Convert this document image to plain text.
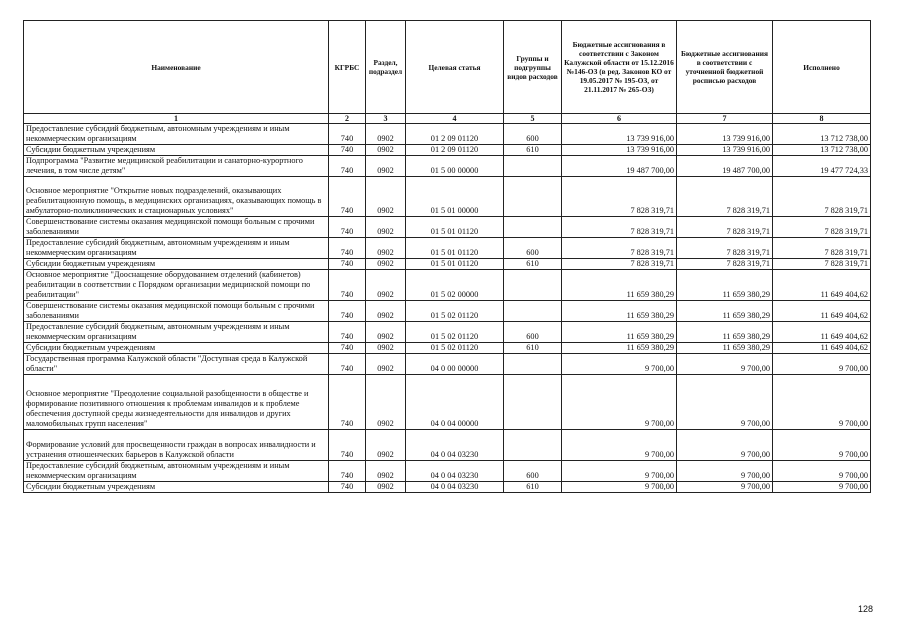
Наименование	КГРБС	Раздел, подраздел	Целевая статья	Группы и подгруппы видов расходов	Бюджетные ассигнования в соответствии с Законом Калужской области от 15.12.2016 №146-ОЗ (в ред. Законов КО от 19.05.2017 № 195-ОЗ, от 21.11.2017 № 265-ОЗ)	Бюджетные ассигнования в соответствии с уточненной бюджетной росписью расходов	Исполнено
1	2	3	4	5	6	7	8
Предоставление субсидий бюджетным, автономным учреждениям и иным некоммерческим организациям	740	0902	01 2 09 01120	600	13 739 916,00	13 739 916,00	13 712 738,00
Субсидии бюджетным учреждениям	740	0902	01 2 09 01120	610	13 739 916,00	13 739 916,00	13 712 738,00
Подпрограмма "Развитие медицинской реабилитации и санаторно-курортного лечения, в том числе детям"	740	0902	01 5 00 00000		19 487 700,00	19 487 700,00	19 477 724,33
Основное мероприятие "Открытие новых подразделений, оказывающих реабилитационную помощь, в медицинских организациях, оказывающих помощь в амбулаторно-поликлинических и стационарных условиях"	740	0902	01 5 01 00000		7 828 319,71	7 828 319,71	7 828 319,71
Совершенствование системы оказания медицинской помощи больным с прочими заболеваниями	740	0902	01 5 01 01120		7 828 319,71	7 828 319,71	7 828 319,71
Предоставление субсидий бюджетным, автономным учреждениям и иным некоммерческим организациям	740	0902	01 5 01 01120	600	7 828 319,71	7 828 319,71	7 828 319,71
Субсидии бюджетным учреждениям	740	0902	01 5 01 01120	610	7 828 319,71	7 828 319,71	7 828 319,71
Основное мероприятие "Дооснащение оборудованием отделений (кабинетов) реабилитации в соответствии с Порядком организации медицинской помощи по реабилитации"	740	0902	01 5 02 00000		11 659 380,29	11 659 380,29	11 649 404,62
Совершенствование системы оказания медицинской помощи больным с прочими заболеваниями	740	0902	01 5 02 01120		11 659 380,29	11 659 380,29	11 649 404,62
Предоставление субсидий бюджетным, автономным учреждениям и иным некоммерческим организациям	740	0902	01 5 02 01120	600	11 659 380,29	11 659 380,29	11 649 404,62
Субсидии бюджетным учреждениям	740	0902	01 5 02 01120	610	11 659 380,29	11 659 380,29	11 649 404,62
Государственная программа Калужской области "Доступная среда в Калужской области"	740	0902	04 0 00 00000		9 700,00	9 700,00	9 700,00
Основное мероприятие "Преодоление социальной разобщенности в обществе и формирование позитивного отношения к проблемам инвалидов и к проблеме обеспечения доступной среды жизнедеятельности для инвалидов и других маломобильных групп населения"	740	0902	04 0 04 00000		9 700,00	9 700,00	9 700,00
Формирование условий для просвещенности граждан в вопросах инвалидности и устранения отношенческих барьеров в Калужской области	740	0902	04 0 04 03230		9 700,00	9 700,00	9 700,00
Предоставление субсидий бюджетным, автономным учреждениям и иным некоммерческим организациям	740	0902	04 0 04 03230	600	9 700,00	9 700,00	9 700,00
Субсидии бюджетным учреждениям	740	0902	04 0 04 03230	610	9 700,00	9 700,00	9 700,00
128
